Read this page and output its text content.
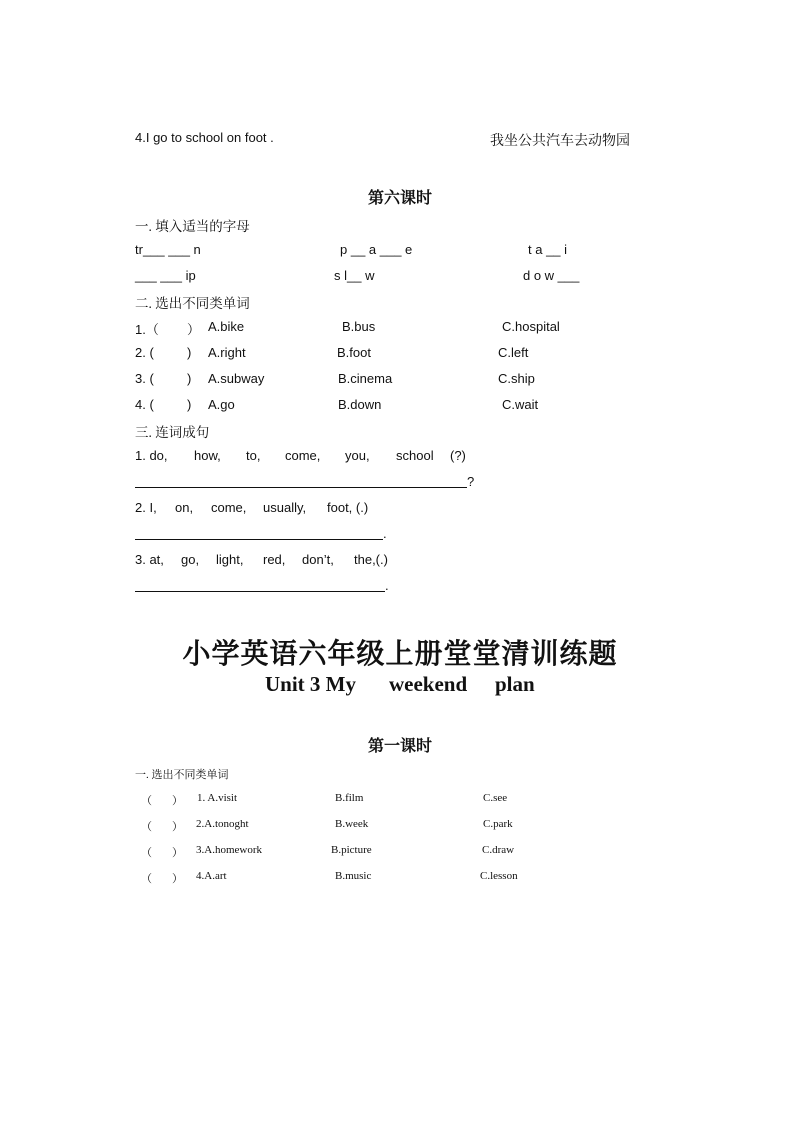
4.I go to school on foot .	我坐公共汽车去动物园
第六课时
一. 填入适当的字母
tr___ ___ n	p __ a ___ e	t a __ i
___ ___ ip	s l__ w	d o w ___
二. 选出不同类单词
1.（ ） A.bike	B.bus	C.hospital
2. (	) A.right	B.foot	C.left
3. (	) A.subway	B.cinema	C.ship
4. (	) A.go	B.down	C.wait
三. 连词成句
1. do, how, to, come, you, school (?)
?
2. I, on, come, usually, foot, (.)
.
3. at, go, light, red, don’t, the,(.)
.
小学英语六年级上册堂堂清训练题
Unit 3 My weekend plan
第一课时
一. 选出不同类单词
（ ） 1. A.visit	B.film	C.see
（ ） 2.A.tonoght	B.week	C.park
（ ） 3.A.homework	B.picture	C.draw
（ ） 4.A.art	B.music	C.lesson
